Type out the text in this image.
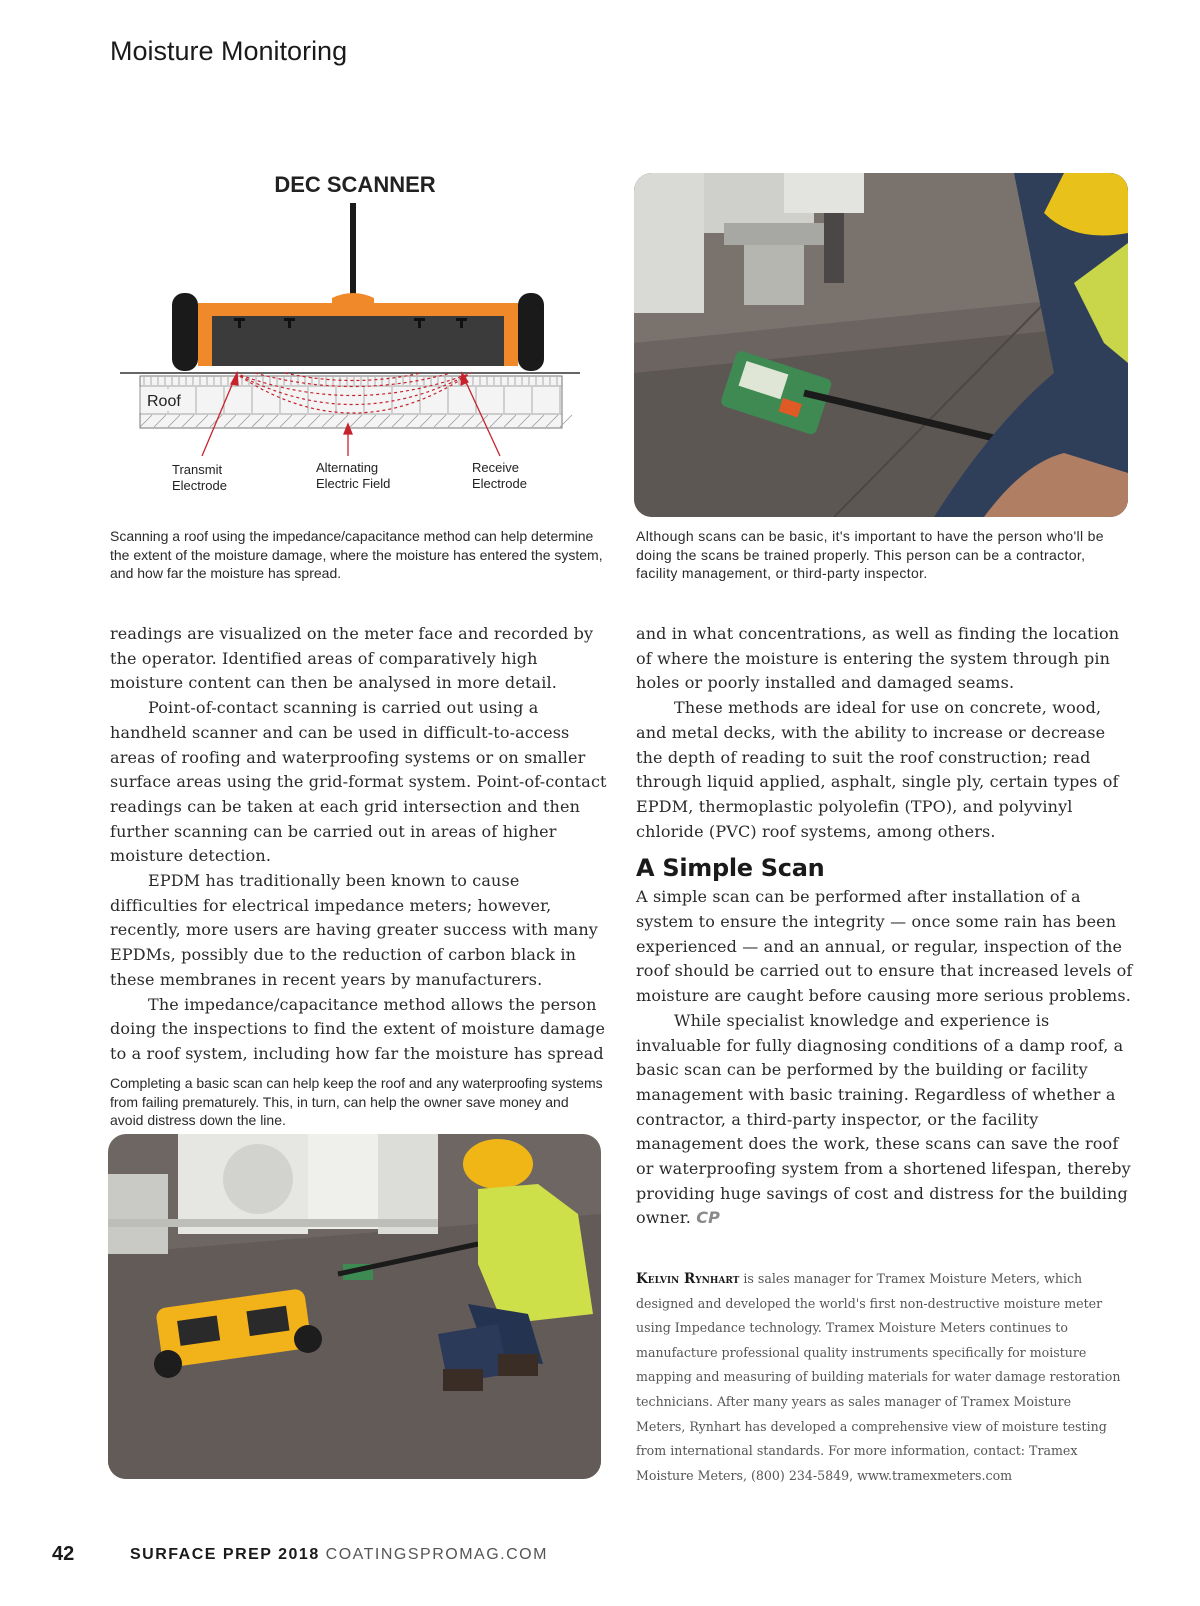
Moisture Monitoring
DEC SCANNER
Roof
Transmit
Electrode
Alternating
Electric Field
Receive
Electrode
Scanning a roof using the impedance/capacitance method can help determine the extent of the moisture damage, where the moisture has entered the system, and how far the moisture has spread.
Although scans can be basic, it's important to have the person who'll be doing the scans be trained properly. This person can be a contractor, facility management, or third-party inspector.

readings are visualized on the meter face and recorded by the operator. Identified areas of comparatively high moisture content can then be analysed in more detail.

Point-of-contact scanning is carried out using a handheld scanner and can be used in difficult-to-access areas of roofing and waterproofing systems or on smaller surface areas using the grid-format system. Point-of-contact readings can be taken at each grid intersection and then further scanning can be carried out in areas of higher moisture detection.

EPDM has traditionally been known to cause difficulties for electrical impedance meters; however, recently, more users are having greater success with many EPDMs, possibly due to the reduction of carbon black in these membranes in recent years by manufacturers.

The impedance/capacitance method allows the person doing the inspections to find the extent of moisture damage to a roof system, including how far the moisture has spread

Completing a basic scan can help keep the roof and any waterproofing systems from failing prematurely. This, in turn, can help the owner save money and avoid distress down the line.

and in what concentrations, as well as finding the location of where the moisture is entering the system through pin holes or poorly installed and damaged seams.

These methods are ideal for use on concrete, wood, and metal decks, with the ability to increase or decrease the depth of reading to suit the roof construction; read through liquid applied, asphalt, single ply, certain types of EPDM, thermoplastic polyolefin (TPO), and polyvinyl chloride (PVC) roof systems, among others.

A Simple Scan

A simple scan can be performed after installation of a system to ensure the integrity — once some rain has been experienced — and an annual, or regular, inspection of the roof should be carried out to ensure that increased levels of moisture are caught before causing more serious problems.

While specialist knowledge and experience is invaluable for fully diagnosing conditions of a damp roof, a basic scan can be performed by the building or facility management with basic training. Regardless of whether a contractor, a third-party inspector, or the facility management does the work, these scans can save the roof or waterproofing system from a shortened lifespan, thereby providing huge savings of cost and distress for the building owner. CP

Kelvin Rynhart is sales manager for Tramex Moisture Meters, which designed and developed the world's first non-destructive moisture meter using Impedance technology. Tramex Moisture Meters continues to manufacture professional quality instruments specifically for moisture mapping and measuring of building materials for water damage restoration technicians. After many years as sales manager of Tramex Moisture Meters, Rynhart has developed a comprehensive view of moisture testing from international standards. For more information, contact: Tramex Moisture Meters, (800) 234-5849, www.tramexmeters.com
42	SURFACE PREP 2018 COATINGSPROMAG.COM
